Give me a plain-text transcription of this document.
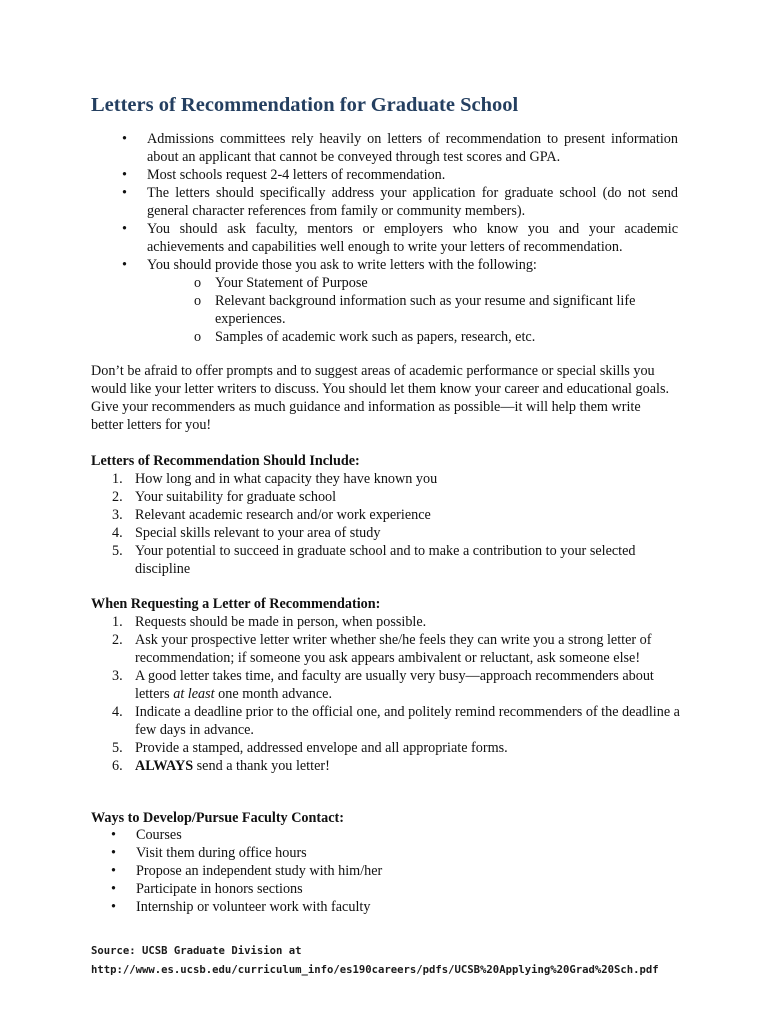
Letters of Recommendation for Graduate School
• Admissions committees rely heavily on letters of recommendation to present information about an applicant that cannot be conveyed through test scores and GPA.
• Most schools request 2-4 letters of recommendation.
• The letters should specifically address your application for graduate school (do not send general character references from family or community members).
• You should ask faculty, mentors or employers who know you and your academic achievements and capabilities well enough to write your letters of recommendation.
• You should provide those you ask to write letters with the following:
o Your Statement of Purpose
o Relevant background information such as your resume and significant life experiences.
o Samples of academic work such as papers, research, etc.

Don’t be afraid to offer prompts and to suggest areas of academic performance or special skills you would like your letter writers to discuss. You should let them know your career and educational goals. Give your recommenders as much guidance and information as possible—it will help them write better letters for you!

Letters of Recommendation Should Include:

1. How long and in what capacity they have known you
2. Your suitability for graduate school
3. Relevant academic research and/or work experience
4. Special skills relevant to your area of study
5. Your potential to succeed in graduate school and to make a contribution to your selected discipline

When Requesting a Letter of Recommendation:

1. Requests should be made in person, when possible.
2. Ask your prospective letter writer whether she/he feels they can write you a strong letter of recommendation; if someone you ask appears ambivalent or reluctant, ask someone else!
3. A good letter takes time, and faculty are usually very busy—approach recommenders about letters at least one month advance.
4. Indicate a deadline prior to the official one, and politely remind recommenders of the deadline a few days in advance.
5. Provide a stamped, addressed envelope and all appropriate forms.
6. ALWAYS send a thank you letter!

Ways to Develop/Pursue Faculty Contact:

• Courses
• Visit them during office hours
• Propose an independent study with him/her
• Participate in honors sections
• Internship or volunteer work with faculty
Source: UCSB Graduate Division at
http://www.es.ucsb.edu/curriculum_info/es190careers/pdfs/UCSB%20Applying%20Grad%20Sch.pdf
